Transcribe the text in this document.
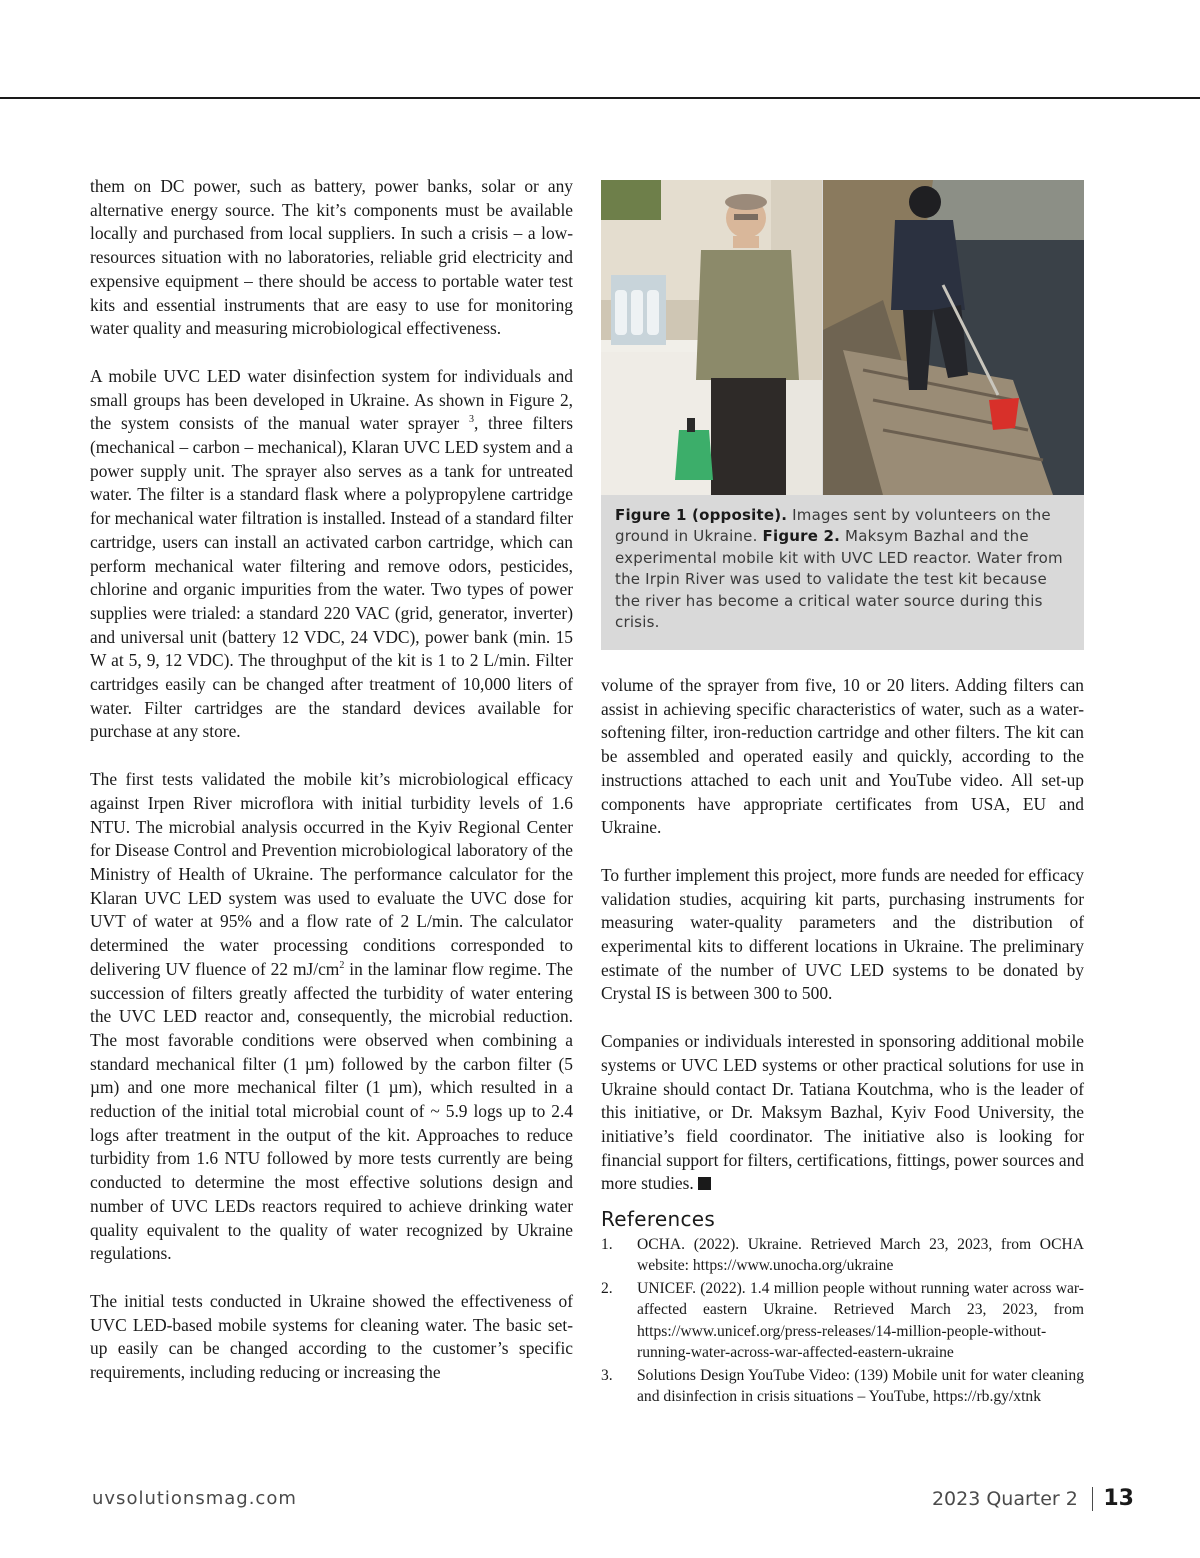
them on DC power, such as battery, power banks, solar or any alternative energy source. The kit’s components must be available locally and purchased from local suppliers. In such a crisis – a low-resources situation with no laboratories, reliable grid electricity and expensive equipment – there should be access to portable water test kits and essential instruments that are easy to use for monitoring water quality and measuring microbiological effectiveness.

A mobile UVC LED water disinfection system for individuals and small groups has been developed in Ukraine. As shown in Figure 2, the system consists of the manual water sprayer $^3$, three filters (mechanical – carbon – mechanical), Klaran UVC LED system and a power supply unit. The sprayer also serves as a tank for untreated water. The filter is a standard flask where a polypropylene cartridge for mechanical water filtration is installed. Instead of a standard filter cartridge, users can install an activated carbon cartridge, which can perform mechanical water filtering and remove odors, pesticides, chlorine and organic impurities from the water. Two types of power supplies were trialed: a standard 220 VAC (grid, generator, inverter) and universal unit (battery 12 VDC, 24 VDC), power bank (min. 15 W at 5, 9, 12 VDC). The throughput of the kit is 1 to 2 L/min. Filter cartridges easily can be changed after treatment of 10,000 liters of water. Filter cartridges are the standard devices available for purchase at any store.

The first tests validated the mobile kit’s microbiological efficacy against Irpen River microflora with initial turbidity levels of 1.6 NTU. The microbial analysis occurred in the Kyiv Regional Center for Disease Control and Prevention microbiological laboratory of the Ministry of Health of Ukraine. The performance calculator for the Klaran UVC LED system was used to evaluate the UVC dose for UVT of water at 95% and a flow rate of 2 L/min. The calculator determined the water processing conditions corresponded to delivering UV fluence of 22 $mJ/cm^2$ in the laminar flow regime. The succession of filters greatly affected the turbidity of water entering the UVC LED reactor and, consequently, the microbial reduction. The most favorable conditions were observed when combining a standard mechanical filter (1 µm) followed by the carbon filter (5 µm) and one more mechanical filter (1 µm), which resulted in a reduction of the initial total microbial count of ~ 5.9 logs up to 2.4 logs after treatment in the output of the kit. Approaches to reduce turbidity from 1.6 NTU followed by more tests currently are being conducted to determine the most effective solutions design and number of UVC LEDs reactors required to achieve drinking water quality equivalent to the quality of water recognized by Ukraine regulations.

The initial tests conducted in Ukraine showed the effectiveness of UVC LED-based mobile systems for cleaning water. The basic set-up easily can be changed according to the customer’s specific requirements, including reducing or increasing the

Figure 1 (opposite). Images sent by volunteers on the ground in Ukraine. Figure 2. Maksym Bazhal and the experimental mobile kit with UVC LED reactor. Water from the Irpin River was used to validate the test kit because the river has become a critical water source during this crisis.

volume of the sprayer from five, 10 or 20 liters. Adding filters can assist in achieving specific characteristics of water, such as a water-softening filter, iron-reduction cartridge and other filters. The kit can be assembled and operated easily and quickly, according to the instructions attached to each unit and YouTube video. All set-up components have appropriate certificates from USA, EU and Ukraine.

To further implement this project, more funds are needed for efficacy validation studies, acquiring kit parts, purchasing instruments for measuring water-quality parameters and the distribution of experimental kits to different locations in Ukraine. The preliminary estimate of the number of UVC LED systems to be donated by Crystal IS is between 300 to 500.

Companies or individuals interested in sponsoring additional mobile systems or UVC LED systems or other practical solutions for use in Ukraine should contact Dr. Tatiana Koutchma, who is the leader of this initiative, or Dr. Maksym Bazhal, Kyiv Food University, the initiative’s field coordinator. The initiative also is looking for financial support for filters, certifications, fittings, power sources and more studies.

References
1.	OCHA. (2022). Ukraine. Retrieved March 23, 2023, from OCHA website: https://www.unocha.org/ukraine
2.	UNICEF. (2022). 1.4 million people without running water across war-affected eastern Ukraine. Retrieved March 23, 2023, from https://www.unicef.org/press-releases/14-million-people-without-running-water-across-war-affected-eastern-ukraine
3.	Solutions Design YouTube Video: (139) Mobile unit for water cleaning and disinfection in crisis situations – YouTube, https://rb.gy/xtnk
uvsolutionsmag.com	2023 Quarter 2 13
